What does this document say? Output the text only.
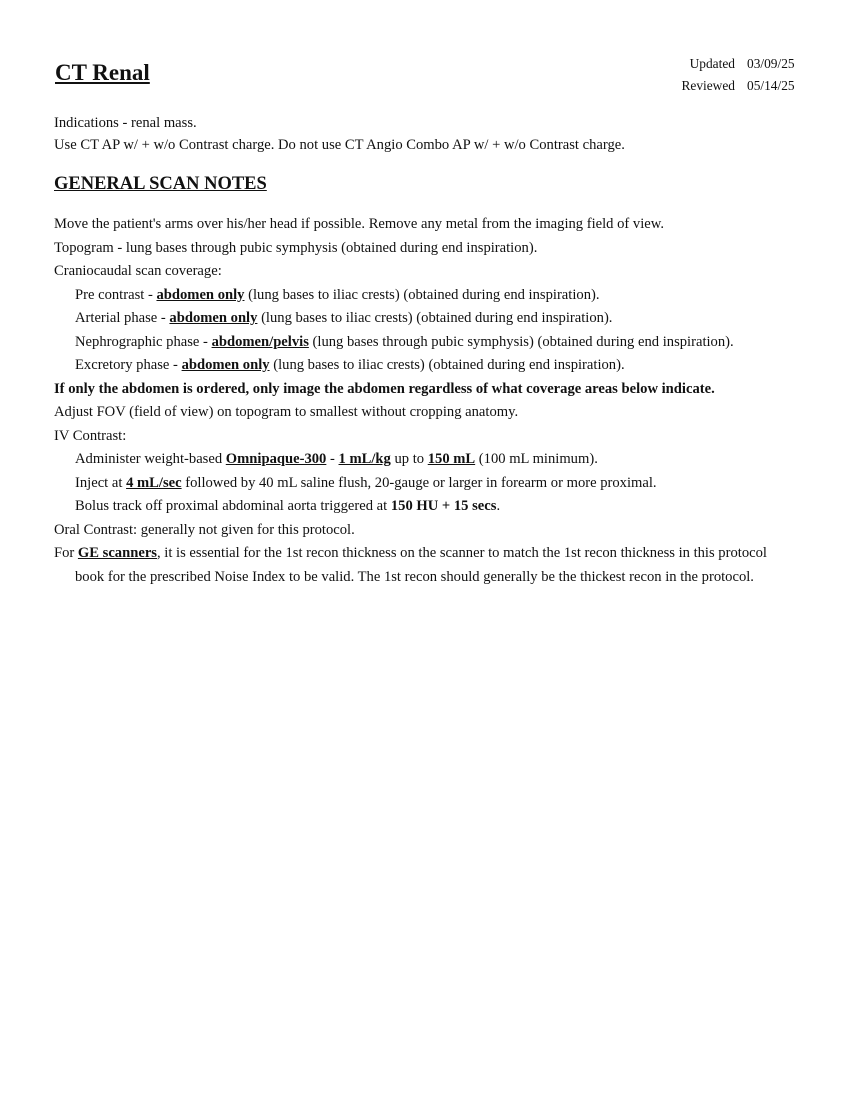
CT Renal	Updated 03/09/25
Reviewed 05/14/25
Indications - renal mass.
Use CT AP w/ + w/o Contrast charge. Do not use CT Angio Combo AP w/ + w/o Contrast charge.
GENERAL SCAN NOTES
Move the patient's arms over his/her head if possible. Remove any metal from the imaging field of view.
Topogram - lung bases through pubic symphysis (obtained during end inspiration).
Craniocaudal scan coverage:
Pre contrast - abdomen only (lung bases to iliac crests) (obtained during end inspiration).
Arterial phase - abdomen only (lung bases to iliac crests) (obtained during end inspiration).
Nephrographic phase - abdomen/pelvis (lung bases through pubic symphysis) (obtained during end inspiration).
Excretory phase - abdomen only (lung bases to iliac crests) (obtained during end inspiration).
If only the abdomen is ordered, only image the abdomen regardless of what coverage areas below indicate.
Adjust FOV (field of view) on topogram to smallest without cropping anatomy.
IV Contrast:
Administer weight-based Omnipaque-300 - 1 mL/kg up to 150 mL (100 mL minimum).
Inject at 4 mL/sec followed by 40 mL saline flush, 20-gauge or larger in forearm or more proximal.
Bolus track off proximal abdominal aorta triggered at 150 HU + 15 secs.
Oral Contrast: generally not given for this protocol.
For GE scanners, it is essential for the 1st recon thickness on the scanner to match the 1st recon thickness in this protocol book for the prescribed Noise Index to be valid. The 1st recon should generally be the thickest recon in the protocol.
